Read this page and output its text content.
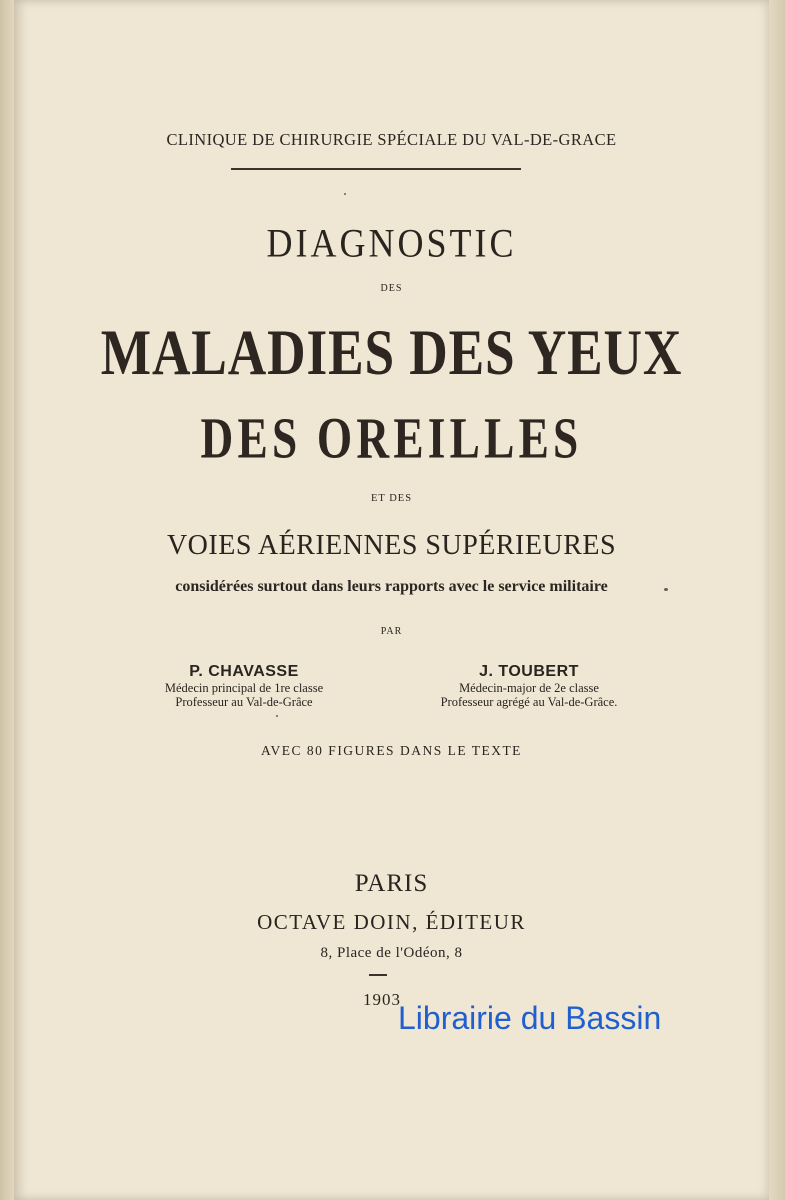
CLINIQUE DE CHIRURGIE SPÉCIALE DU VAL-DE-GRACE
DIAGNOSTIC
DES
MALADIES DES YEUX
DES OREILLES
ET DES
VOIES AÉRIENNES SUPÉRIEURES
considérées surtout dans leurs rapports avec le service militaire
PAR
P. CHAVASSE
Médecin principal de 1re classe
Professeur au Val-de-Grâce
J. TOUBERT
Médecin-major de 2e classe
Professeur agrégé au Val-de-Grâce.
AVEC 80 FIGURES DANS LE TEXTE
PARIS
OCTAVE DOIN, ÉDITEUR
8, Place de l'Odéon, 8
1903
Librairie du Bassin
